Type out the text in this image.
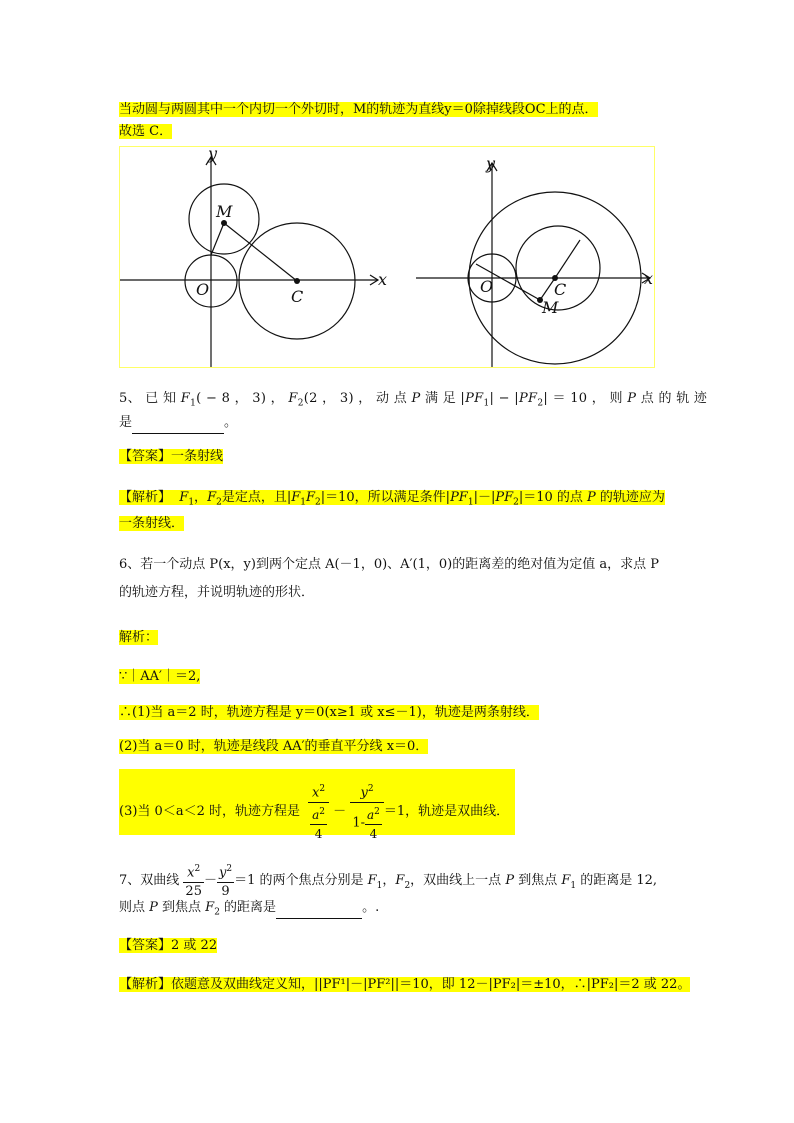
当动圆与两圆其中一个内切一个外切时，M的轨迹为直线y＝0除掉线段OC上的点．
故选 C．
y
x
O
M
C
y
x
O
M
C
5、 已 知 $F_1( - 8$ ， 3) ， $F_2(2$ ， 3) ， 动 点 P 满 足 $|PF_1| - |PF_2| = 10$ ， 则 P 点 的 轨 迹
是	。
【答案】一条射线
【解析】 $F_1$，$F_2$是定点，且$|F_1F_2|=10$，所以满足条件$|PF_1|-|PF_2|=10$ 的点 P 的轨迹应为
一条射线．
6、若一个动点 P(x，y)到两个定点 A(－1，0)、A′(1，0)的距离差的绝对值为定值 a，求点 P
的轨迹方程，并说明轨迹的形状．
解析：
∵｜AA′｜＝2,
∴(1)当 a＝2 时，轨迹方程是 y＝0(x≥1 或 x≤－1)，轨迹是两条射线．
(2)当 a＝0 时，轨迹是线段 AA′的垂直平分线 x＝0．
(3)当 0＜a＜2 时，轨迹方程是 $\frac{x^2}{\frac{a^2}{4}} - \frac{y^2}{1- \frac{a^2}{4}} =1$，轨迹是双曲线．
7、双曲线 $\frac{x^2}{25} - \frac{y^2}{9} =1$ 的两个焦点分别是 $F_1$，$F_2$，双曲线上一点 P 到焦点 $F_1$ 的距离是 12,
则点 P 到焦点 $F_2$ 的距离是	。.
【答案】2 或 22
【解析】依题意及双曲线定义知，||PF¹|－|PF²||＝10，即 12－|PF₂|＝±10，∴|PF₂|＝2 或 22。
